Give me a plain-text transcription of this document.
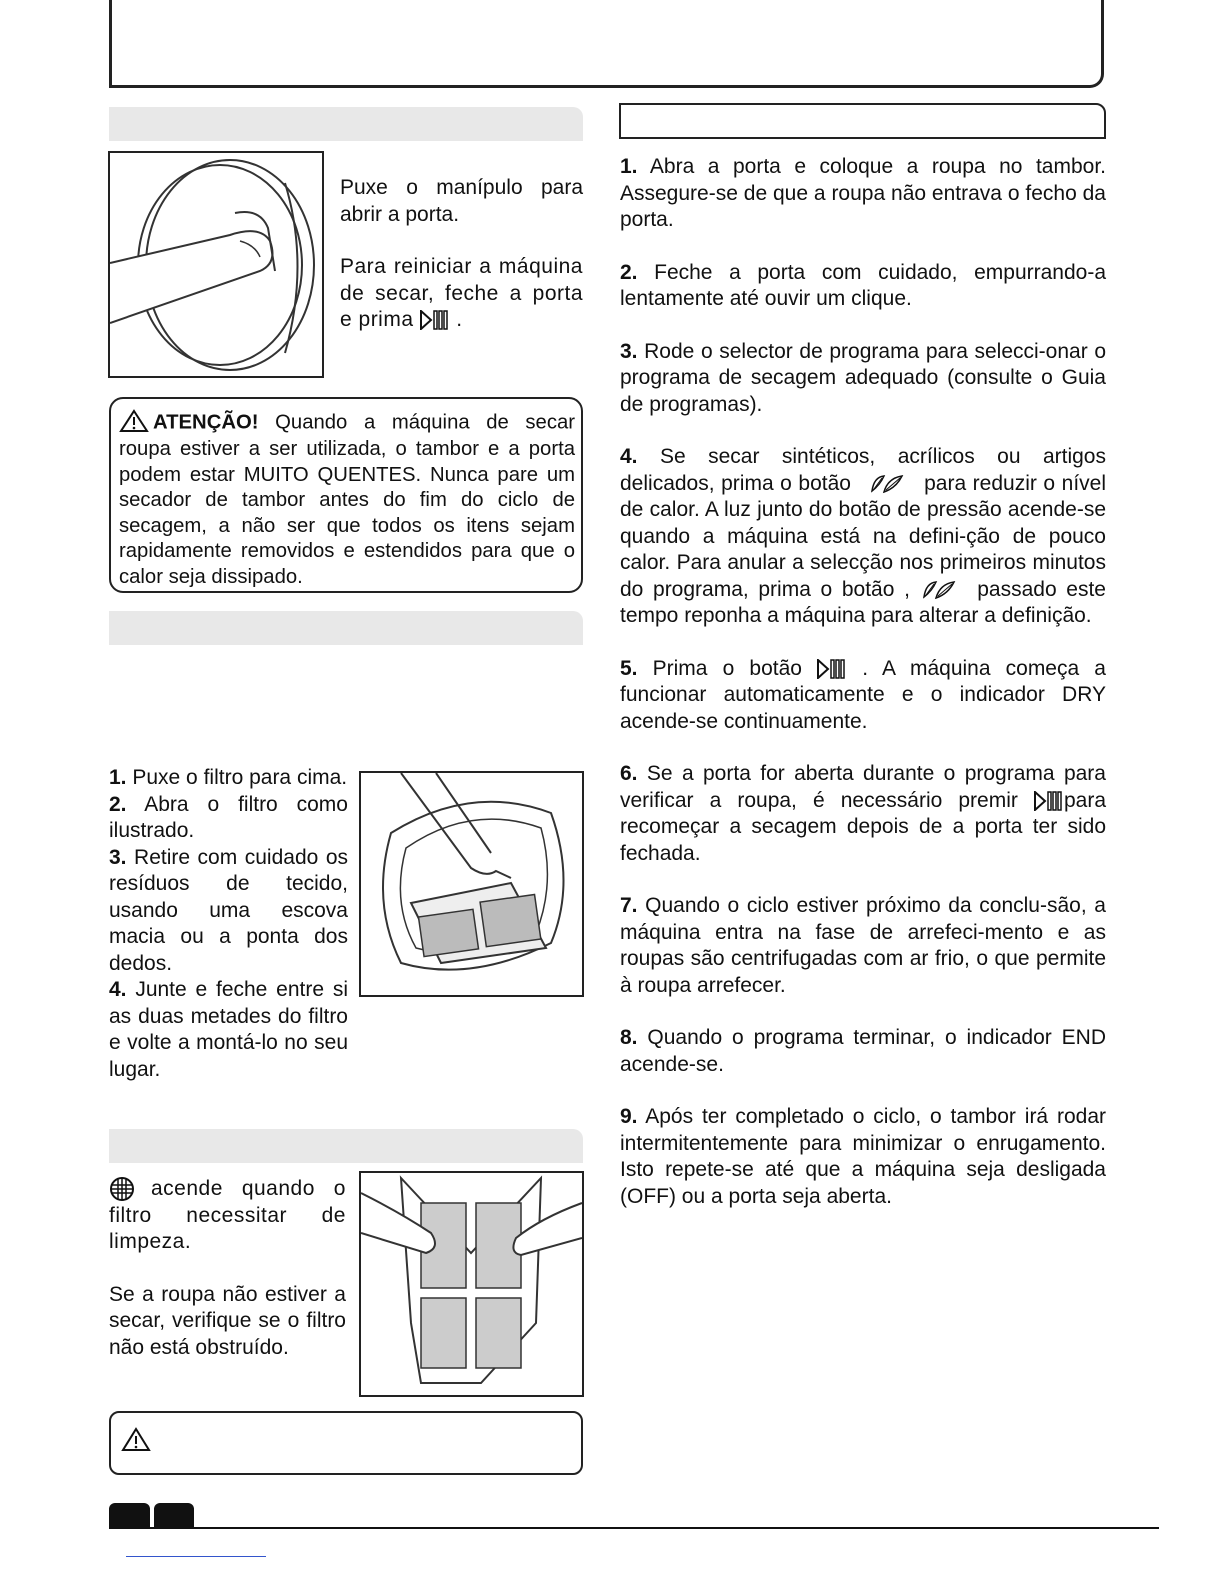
Puxe o manípulo para abrir a porta.
Para reiniciar a máquina de secar, feche a porta e prima .
ATENÇÃO! Quando a máquina de secar roupa estiver a ser utilizada, o tambor e a porta podem estar MUITO QUENTES. Nunca pare um secador de tambor antes do fim do ciclo de secagem, a não ser que todos os itens sejam rapidamente removidos e estendidos para que o calor seja dissipado.
1. Puxe o filtro para cima.
2. Abra o filtro como ilustrado.
3. Retire com cuidado os resíduos de tecido, usando uma escova macia ou a ponta dos dedos.
4. Junte e feche entre si as duas metades do filtro e volte a montá-lo no seu lugar.
acende quando o filtro necessitar de limpeza.
Se a roupa não estiver a secar, verifique se o filtro não está obstruído.
1. Abra a porta e coloque a roupa no tambor. Assegure-se de que a roupa não entrava o fecho da porta.
2. Feche a porta com cuidado, empurrando-a lentamente até ouvir um clique.
3. Rode o selector de programa para selecci-onar o programa de secagem adequado (consulte o Guia de programas).
4. Se secar sintéticos, acrílicos ou artigos delicados, prima o botão	para reduzir o nível de calor. A luz junto do botão de pressão acende-se quando a máquina está na defini-ção de pouco calor. Para anular a selecção nos primeiros minutos do programa, prima o botão ,	passado este tempo reponha a máquina para alterar a definição.
5. Prima o botão	. A máquina começa a funcionar automaticamente e o indicador DRY acende-se continuamente.
6. Se a porta for aberta durante o programa para verificar a roupa, é necessário premir para recomeçar a secagem depois de a porta ter sido fechada.
7. Quando o ciclo estiver próximo da conclu-são, a máquina entra na fase de arrefeci-mento e as roupas são centrifugadas com ar frio, o que permite à roupa arrefecer.
8. Quando o programa terminar, o indicador END acende-se.
9. Após ter completado o ciclo, o tambor irá rodar intermitentemente para minimizar o enrugamento. Isto repete-se até que a máquina seja desligada (OFF) ou a porta seja aberta.
